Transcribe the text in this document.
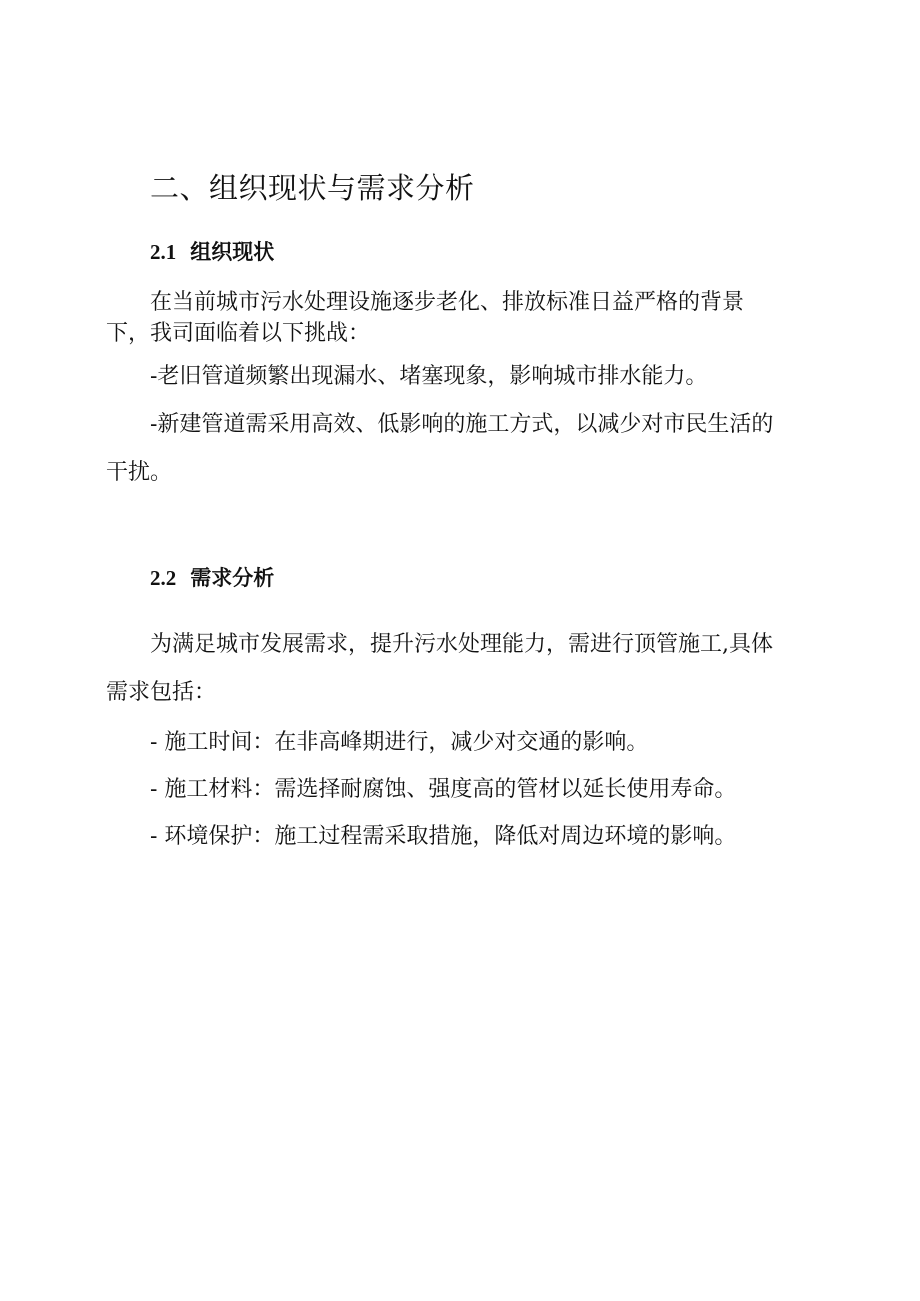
二、组织现状与需求分析
2.1 组织现状
在当前城市污水处理设施逐步老化、排放标准日益严格的背景
下，我司面临着以下挑战：
-老旧管道频繁出现漏水、堵塞现象，影响城市排水能力。
-新建管道需采用高效、低影响的施工方式，以减少对市民生活的
干扰。
2.2 需求分析
为满足城市发展需求，提升污水处理能力，需进行顶管施工,具体
需求包括：
- 施工时间：在非高峰期进行，减少对交通的影响。
- 施工材料：需选择耐腐蚀、强度高的管材以延长使用寿命。
- 环境保护：施工过程需采取措施，降低对周边环境的影响。
